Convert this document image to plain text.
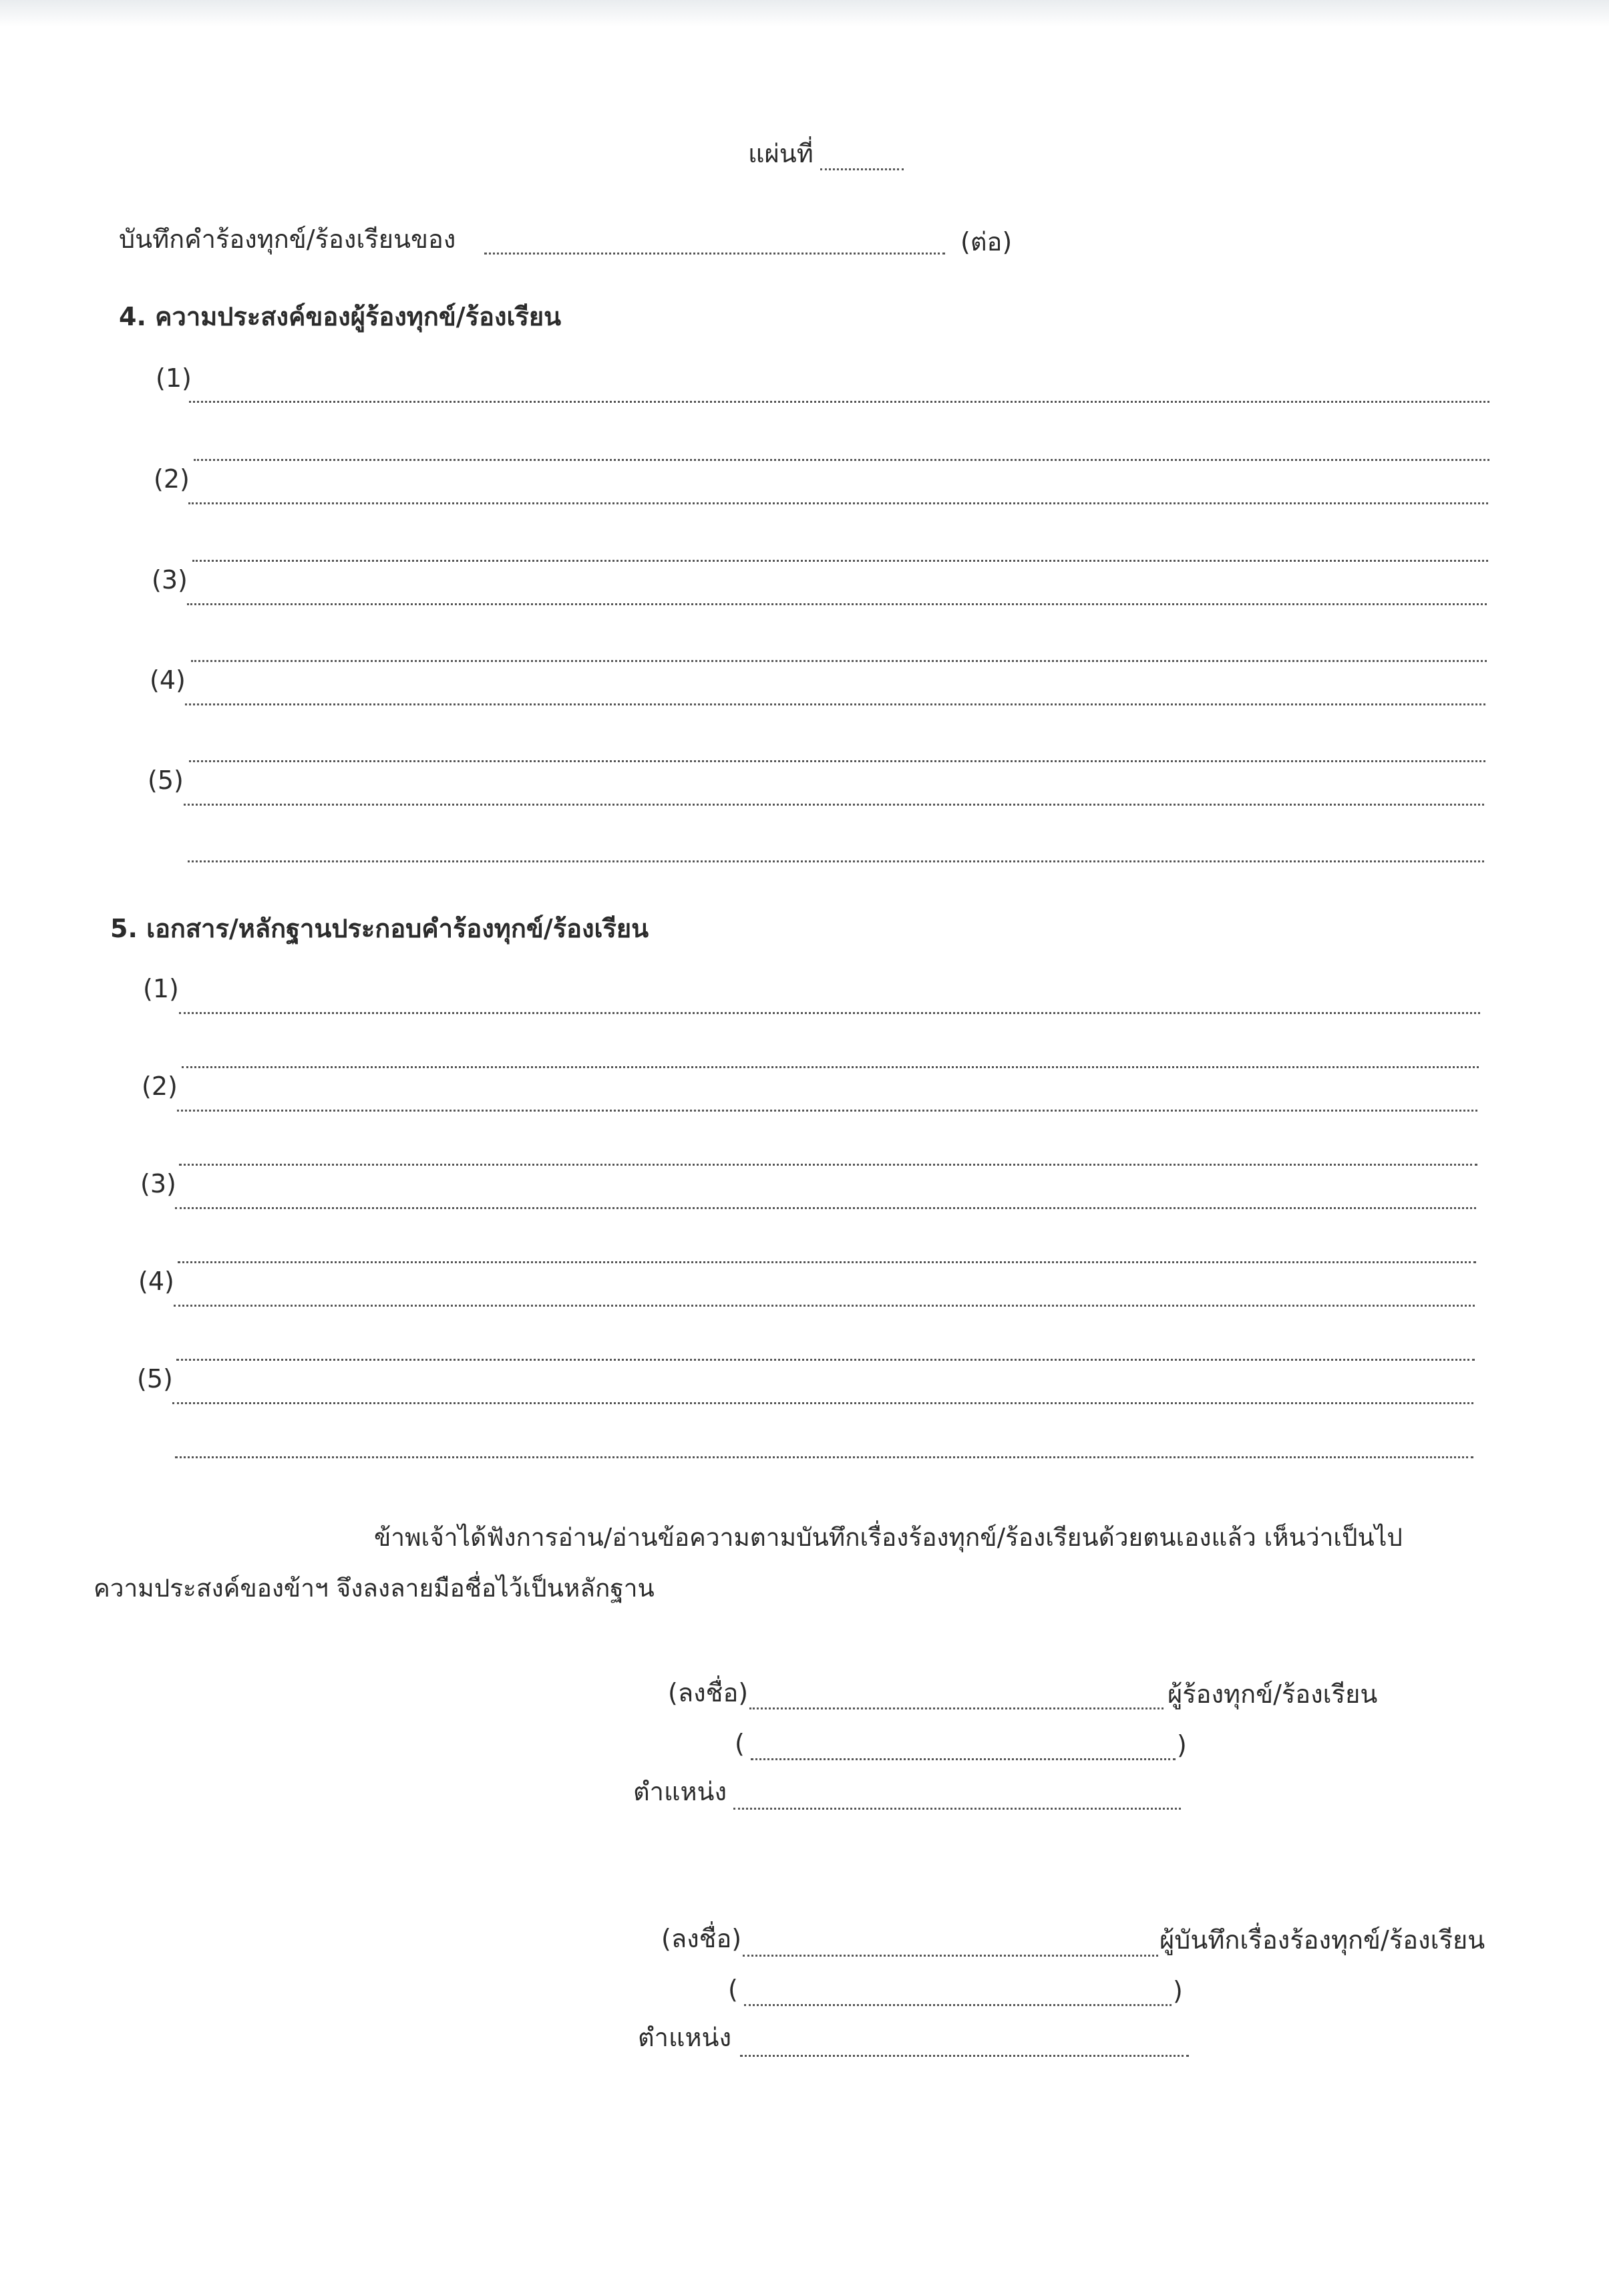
แผ่นที่
บันทึกคำร้องทุกข์/ร้องเรียนของ	(ต่อ)
4. ความประสงค์ของผู้ร้องทุกข์/ร้องเรียน
(1)
(2)
(3)
(4)
(5)
5. เอกสาร/หลักฐานประกอบคำร้องทุกข์/ร้องเรียน
(1)
(2)
(3)
(4)
(5)
ข้าพเจ้าได้ฟังการอ่าน/อ่านข้อความตามบันทึกเรื่องร้องทุกข์/ร้องเรียนด้วยตนเองแล้ว เห็นว่าเป็นไป
ความประสงค์ของข้าฯ จึงลงลายมือชื่อไว้เป็นหลักฐาน
(ลงชื่อ)	ผู้ร้องทุกข์/ร้องเรียน
(	)
ตำแหน่ง
(ลงชื่อ)	ผู้บันทึกเรื่องร้องทุกข์/ร้องเรียน
(	)
ตำแหน่ง
